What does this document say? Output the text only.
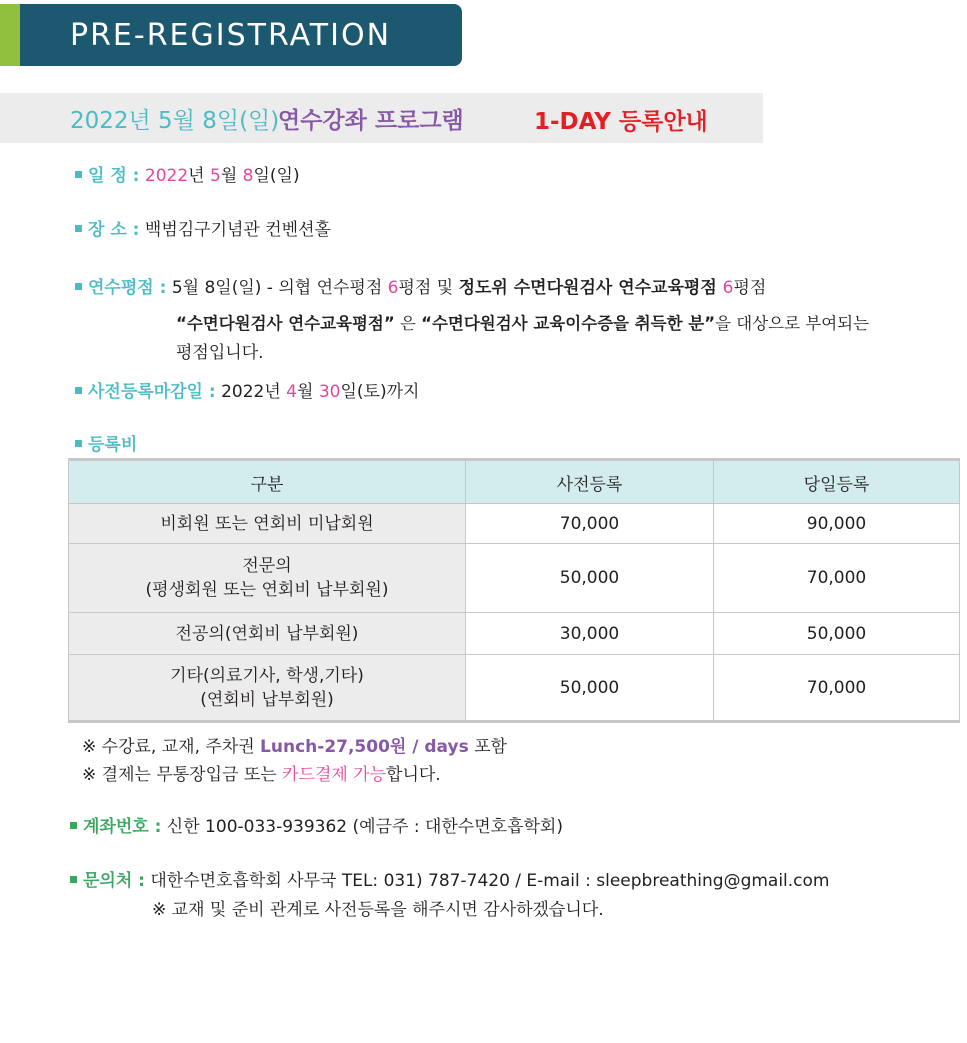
PRE-REGISTRATION
2022년 5월 8일(일)
연수강좌 프로그램	1-DAY 등록안내
일 정 : 2022년 5월 8일(일)
장 소 : 백범김구기념관 컨벤션홀
연수평점 : 5월 8일(일) - 의협 연수평점 6평점 및 정도위 수면다원검사 연수교육평점 6평점
“수면다원검사 연수교육평점” 은 “수면다원검사 교육이수증을 취득한 분”을 대상으로 부여되는
평점입니다.
사전등록마감일 : 2022년 4월 30일(토)까지
등록비
구분	사전등록	당일등록

비회원 또는 연회비 미납회원	70,000	90,000

전문의
(평생회원 또는 연회비 납부회원)	50,000	70,000

전공의(연회비 납부회원)	30,000	50,000

기타(의료기사, 학생,기타)
(연회비 납부회원)	50,000	70,000
※ 수강료, 교재, 주차권 Lunch-27,500원 / days 포함
※ 결제는 무통장입금 또는 카드결제 가능합니다.
계좌번호 : 신한 100-033-939362 (예금주 : 대한수면호흡학회)
문의처 : 대한수면호흡학회 사무국 TEL: 031) 787-7420 / E-mail : sleepbreathing@gmail.com
※ 교재 및 준비 관계로 사전등록을 해주시면 감사하겠습니다.
